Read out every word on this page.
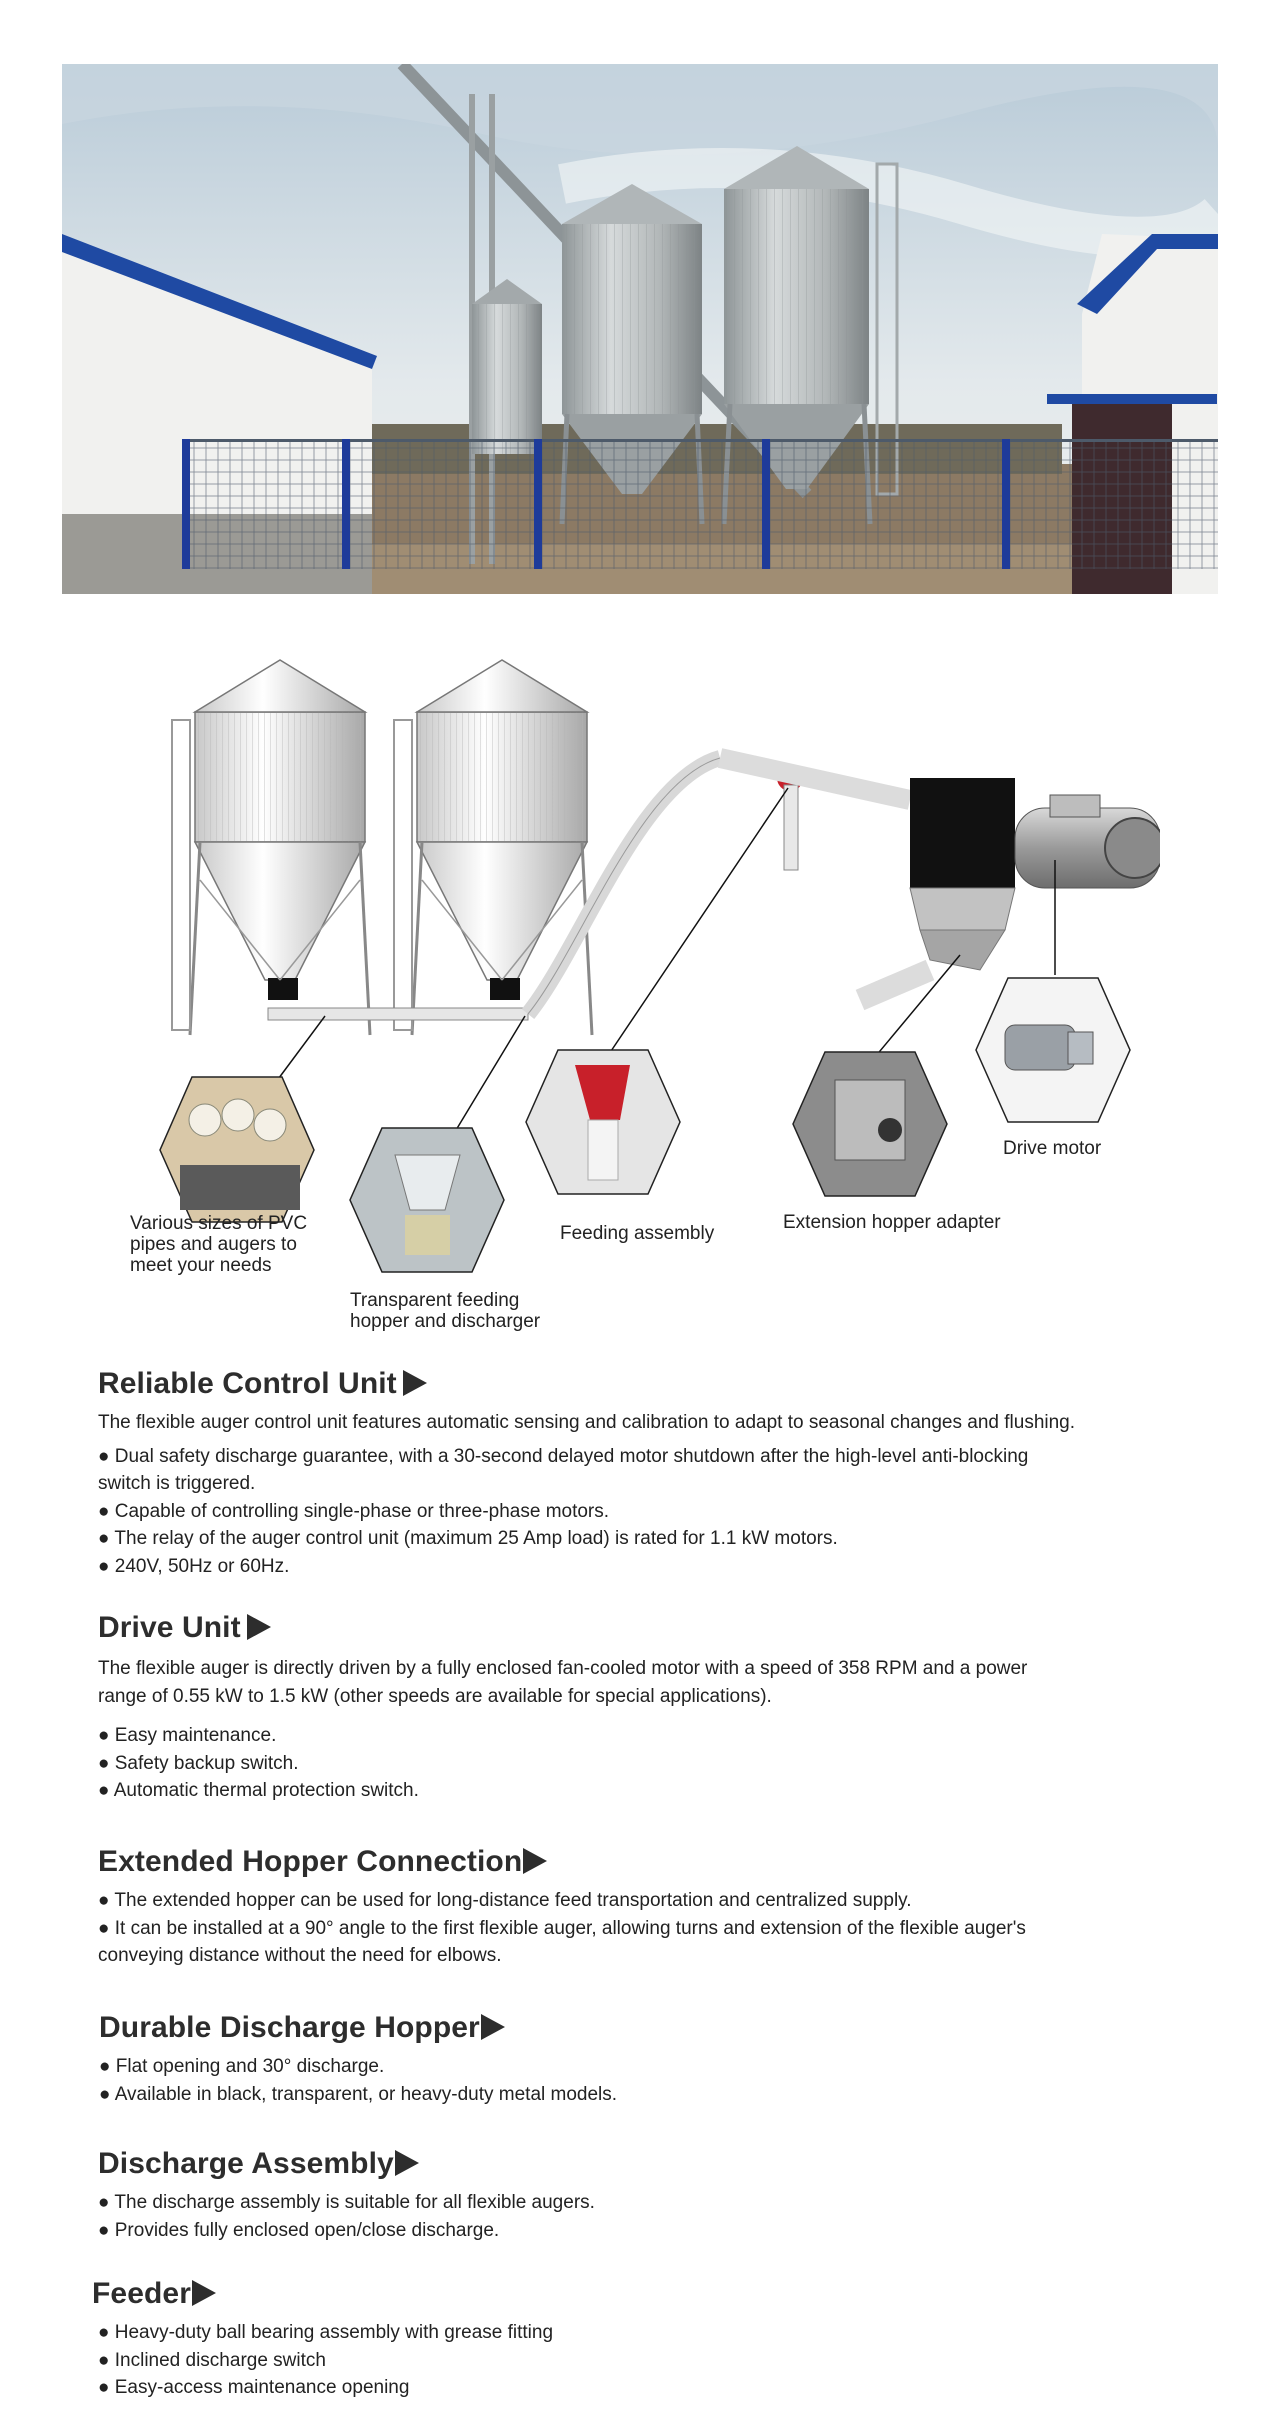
Various sizes of PVC
pipes and augers to
meet your needs
Transparent feeding
hopper and discharger
Feeding assembly
Extension hopper adapter
Drive motor
Reliable Control Unit

The flexible auger control unit features automatic sensing and calibration to adapt to seasonal changes and flushing.

● Dual safety discharge guarantee, with a 30-second delayed motor shutdown after the high-level anti-blocking

switch is triggered.

● Capable of controlling single-phase or three-phase motors.

● The relay of the auger control unit (maximum 25 Amp load) is rated for 1.1 kW motors.

● 240V, 50Hz or 60Hz.

Drive Unit

The flexible auger is directly driven by a fully enclosed fan-cooled motor with a speed of 358 RPM and a power

range of 0.55 kW to 1.5 kW (other speeds are available for special applications).

● Easy maintenance.

● Safety backup switch.

● Automatic thermal protection switch.

Extended Hopper Connection

● The extended hopper can be used for long-distance feed transportation and centralized supply.

● It can be installed at a 90° angle to the first flexible auger, allowing turns and extension of the flexible auger's

conveying distance without the need for elbows.

Durable Discharge Hopper

● Flat opening and 30° discharge.

● Available in black, transparent, or heavy-duty metal models.

Discharge Assembly

● The discharge assembly is suitable for all flexible augers.

● Provides fully enclosed open/close discharge.

Feeder

● Heavy-duty ball bearing assembly with grease fitting

● Inclined discharge switch

● Easy-access maintenance opening
